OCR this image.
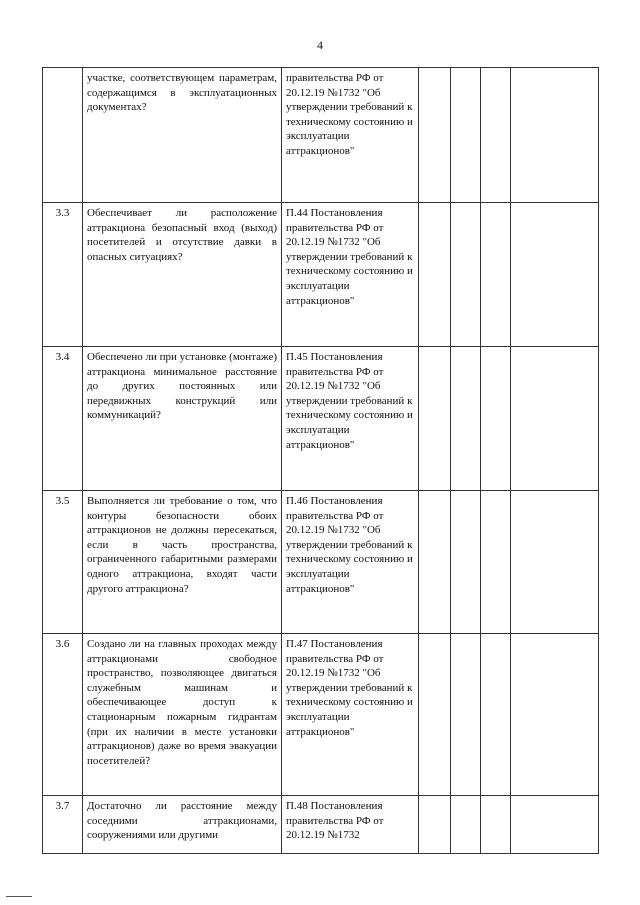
4
	участке, соответствующем параметрам, содержащимся в эксплуатационных документах?	правительства РФ от 20.12.19 №1732 "Об утверждении требований к техническому состоянию и эксплуатации аттракционов"				
3.3	Обеспечивает ли расположение аттракциона безопасный вход (выход) посетителей и отсутствие давки в опасных ситуациях?	П.44 Постановления правительства РФ от 20.12.19 №1732 "Об утверждении требований к техническому состоянию и эксплуатации аттракционов"				
3.4	Обеспечено ли при установке (монтаже) аттракциона минимальное расстояние до других постоянных или передвижных конструкций или коммуникаций?	П.45 Постановления правительства РФ от 20.12.19 №1732 "Об утверждении требований к техническому состоянию и эксплуатации аттракционов"				
3.5	Выполняется ли требование о том, что контуры безопасности обоих аттракционов не должны пересекаться, если в часть пространства, ограниченного габаритными размерами одного аттракциона, входят части другого аттракциона?	П.46 Постановления правительства РФ от 20.12.19 №1732 "Об утверждении требований к техническому состоянию и эксплуатации аттракционов"				
3.6	Создано ли на главных проходах между аттракционами свободное пространство, позволяющее двигаться служебным машинам и обеспечивающее доступ к стационарным пожарным гидрантам (при их наличии в месте установки аттракционов) даже во время эвакуации посетителей?	П.47 Постановления правительства РФ от 20.12.19 №1732 "Об утверждении требований к техническому состоянию и эксплуатации аттракционов"				
3.7	Достаточно ли расстояние между соседними аттракционами, сооружениями или другими	П.48 Постановления правительства РФ от 20.12.19 №1732				
